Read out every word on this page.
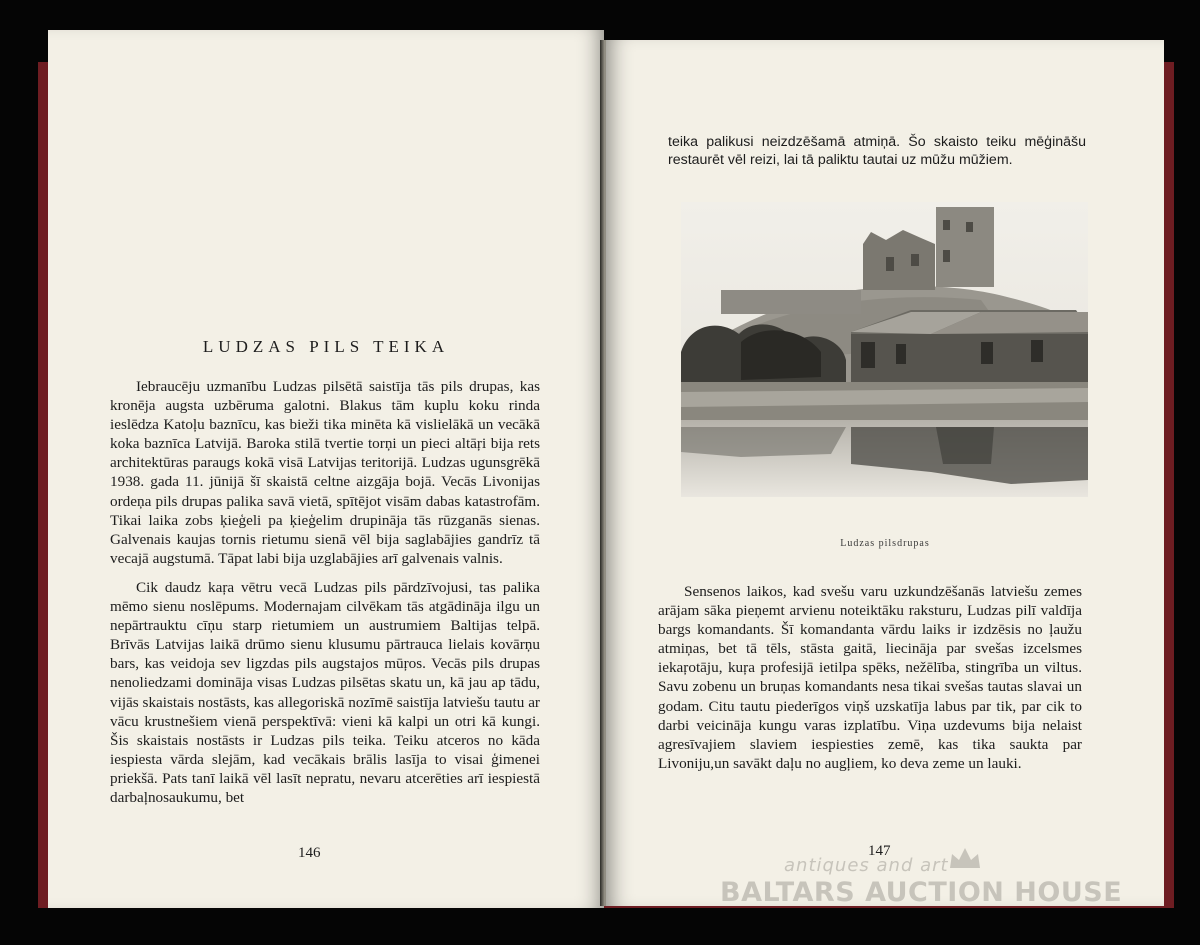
LUDZAS PILS TEIKA

Iebraucēju uzmanību Ludzas pilsētā saistīja tās pils drupas, kas kronēja augsta uzbēruma galotni. Blakus tām kuplu koku rinda ieslēdza Katoļu baznīcu, kas bieži tika minēta kā vislielākā un vecākā koka baznīca Latvijā. Baroka stilā tvertie torņi un pieci altāŗi bija rets architektūras paraugs kokā visā Latvijas teritorijā. Ludzas ugunsgrēkā 1938. gada 11. jūnijā šī skaistā celtne aizgāja bojā. Vecās Livonijas ordeņa pils drupas palika savā vietā, spītējot visām dabas katastrofām. Tikai laika zobs ķieģeli pa ķieģelim drupināja tās rūzganās sienas. Galvenais kaujas tornis rietumu sienā vēl bija saglabājies gandrīz tā vecajā augstumā. Tāpat labi bija uzglabājies arī galvenais valnis.

Cik daudz kaŗa vētru vecā Ludzas pils pārdzīvojusi, tas palika mēmo sienu noslēpums. Modernajam cilvēkam tās atgādināja ilgu un nepārtrauktu cīņu starp rietumiem un austrumiem Baltijas telpā. Brīvās Latvijas laikā drūmo sienu klusumu pārtrauca lielais kovārņu bars, kas veidoja sev ligzdas pils augstajos mūŗos. Vecās pils drupas nenoliedzami domināja visas Ludzas pilsētas skatu un, kā jau ap tādu, vijās skaistais nostāsts, kas allegoriskā nozīmē saistīja latviešu tautu ar vācu krustnešiem vienā perspektīvā: vieni kā kalpi un otri kā kungi. Šis skaistais nostāsts ir Ludzas pils teika. Teiku atceros no kāda iespiesta vārda slejām, kad vecākais brālis lasīja to visai ģimenei priekšā. Pats tanī laikā vēl lasīt nepratu, nevaru atcerēties arī iespiestā darbaļnosaukumu, bet

146

teika palikusi neizdzēšamā atmiņā. Šo skaisto teiku mēģināšu restaurēt vēl reizi, lai tā paliktu tautai uz mūžu mūžiem.

Ludzas pilsdrupas

Sensenos laikos, kad svešu varu uzkundzēšanās latviešu zemes arājam sāka pieņemt arvienu noteiktāku raksturu, Ludzas pilī valdīja bargs komandants. Šī komandanta vārdu laiks ir izdzēsis no ļaužu atmiņas, bet tā tēls, stāsta gaitā, liecināja par svešas izcelsmes iekaŗotāju, kuŗa profesijā ietilpa spēks, nežēlība, stingrība un viltus. Savu zobenu un bruņas komandants nesa tikai svešas tautas slavai un godam. Citu tautu piederīgos viņš uzskatīja labus par tik, par cik to darbi veicināja kungu varas izplatību. Viņa uzdevums bija nelaist agresīvajiem slaviem iespiesties zemē, kas tika saukta par Livoniju,un savākt daļu no augļiem, ko deva zeme un lauki.

147
antiques and art
BALTARS AUCTION HOUSE
